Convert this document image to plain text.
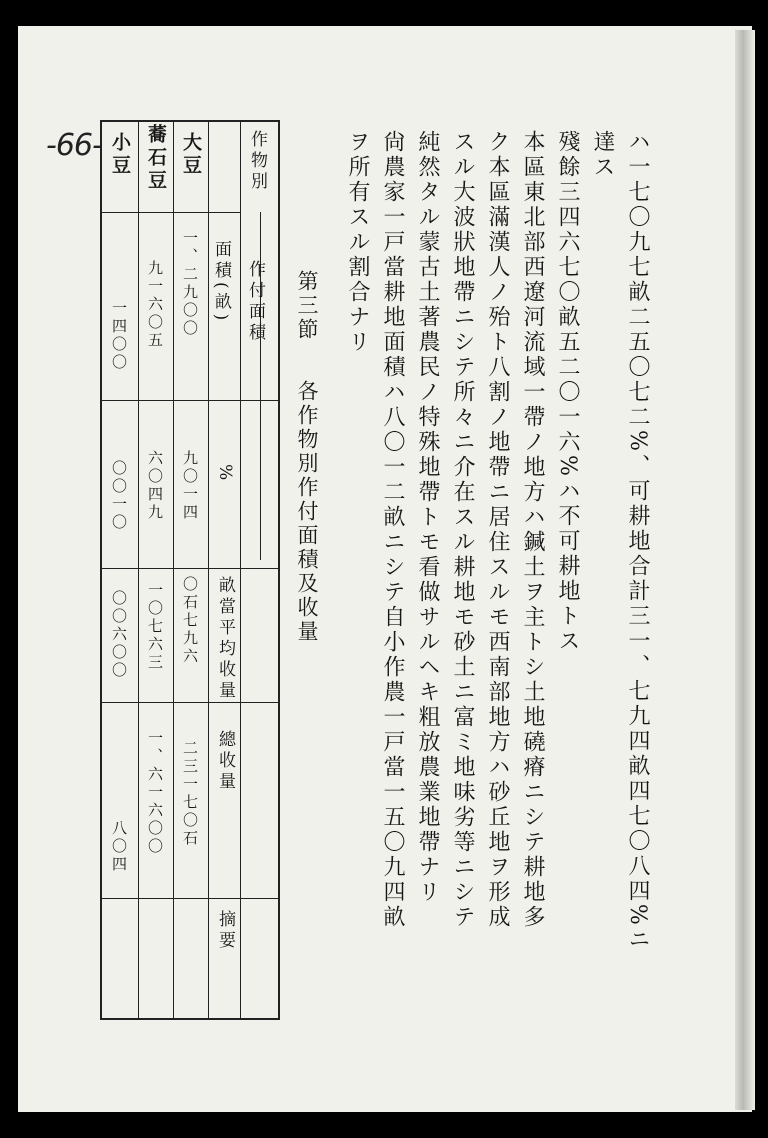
-66-	ハ一七〇九七畝二五〇七二%、可耕地合計三一、七九四畝四七〇八四%ニ
達ス
殘餘三四六七〇畝五二〇一六%ハ不可耕地トス
本區東北部西遼河流域一帶ノ地方ハ鍼土ヲ主トシ土地磽瘠ニシテ耕地多
ク本區滿漢人ノ殆ト八割ノ地帶ニ居住スルモ西南部地方ハ砂丘地ヲ形成
スル大波狀地帶ニシテ所々ニ介在スル耕地モ砂土ニ富ミ地味劣等ニシテ
純然タル蒙古土著農民ノ特殊地帶トモ看做サルヘキ粗放農業地帶ナリ
尙農家一戸當耕地面積ハ八〇一二畝ニシテ自小作農一戸當一五〇九四畝
ヲ所有スル割合ナリ
第三節
各作物別作付面積及收量
作物別
作付面積
面積(畝)
%
畝當平均收量
總收量
摘要
大豆
一、二九〇〇
九〇一四
〇石七九六
二三一七〇石
蕎石豆
九一六〇五
六〇四九
一〇七六三
一、六一六〇〇
小豆
一四〇〇
〇〇一〇
〇〇六〇〇
八〇四
